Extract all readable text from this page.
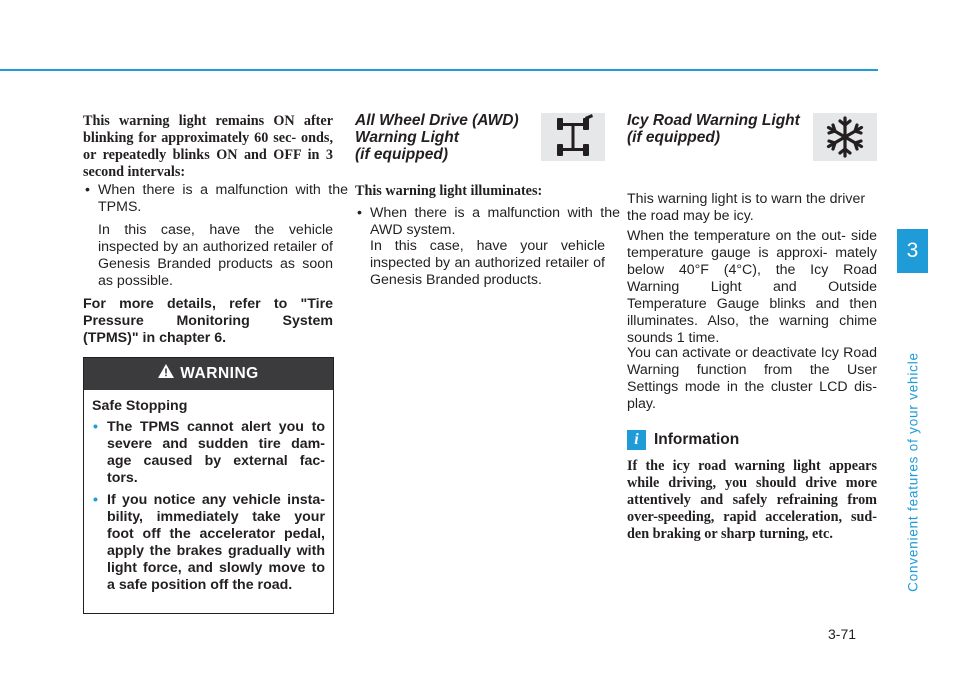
3
Convenient features of your vehicle
3-71
This warning light remains ON after blinking for approximately 60 sec- onds, or repeatedly blinks ON and OFF in 3 second intervals:
• When there is a malfunction with the TPMS.
In this case, have the vehicle inspected by an authorized retailer of Genesis Branded products as soon as possible.
For more details, refer to "Tire Pressure Monitoring System (TPMS)" in chapter 6.
WARNING
Safe Stopping
• The TPMS cannot alert you to severe and sudden tire dam- age caused by external fac- tors.
• If you notice any vehicle insta- bility, immediately take your foot off the accelerator pedal, apply the brakes gradually with light force, and slowly move to a safe position off the road.
All Wheel Drive (AWD)
Warning Light
(if equipped)
This warning light illuminates:
• When there is a malfunction with the AWD system.
In this case, have your vehicle inspected by an authorized retailer of Genesis Branded products.
Icy Road Warning Light
(if equipped)
This warning light is to warn the driver the road may be icy.
When the temperature on the out- side temperature gauge is approxi- mately below 40°F (4°C), the Icy Road Warning Light and Outside Temperature Gauge blinks and then illuminates. Also, the warning chime sounds 1 time.
You can activate or deactivate Icy Road Warning function from the User Settings mode in the cluster LCD dis- play.
i Information
If the icy road warning light appears while driving, you should drive more attentively and safely refraining from over-speeding, rapid acceleration, sud- den braking or sharp turning, etc.
